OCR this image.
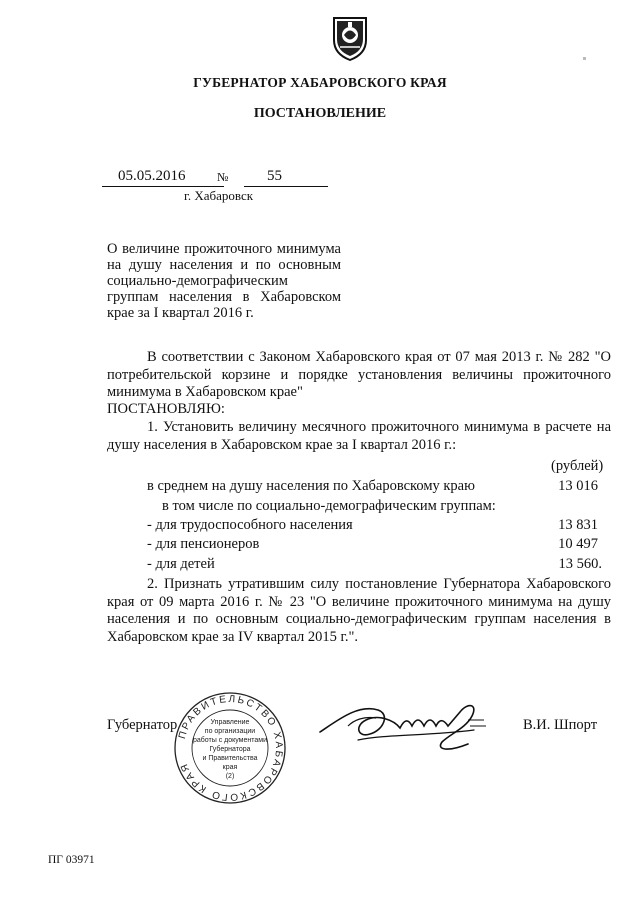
ГУБЕРНАТОР ХАБАРОВСКОГО КРАЯ
ПОСТАНОВЛЕНИЕ
05.05.2016	№	55
г. Хабаровск
О величине прожиточного минимума на душу населения и по основным социально-демографическим группам населения в Хабаровском крае за I квартал 2016 г.
В соответствии с Законом Хабаровского края от 07 мая 2013 г. № 282 "О потребительской корзине и порядке установления величины прожиточного минимума в Хабаровском крае"
ПОСТАНОВЛЯЮ:
1. Установить величину месячного прожиточного минимума в расчете на душу населения в Хабаровском крае за I квартал 2016 г.:
(рублей)
в среднем на душу населения по Хабаровскому краю	13 016
в том числе по социально-демографическим группам:
- для трудоспособного населения	13 831
- для пенсионеров	10 497
- для детей	13 560.
2. Признать утратившим силу постановление Губернатора Хабаровского края от 09 марта 2016 г. № 23 "О величине прожиточного минимума на душу населения и по основным социально-демографическим группам населения в Хабаровском крае за IV квартал 2015 г.".
Губернатор	В.И. Шпорт
ПРАВИТЕЛЬСТВО ХАБАРОВСКОГО КРАЯ
Управление
по организации
работы с документами
Губернатора
и Правительства
края
(2)
ПГ 03971
